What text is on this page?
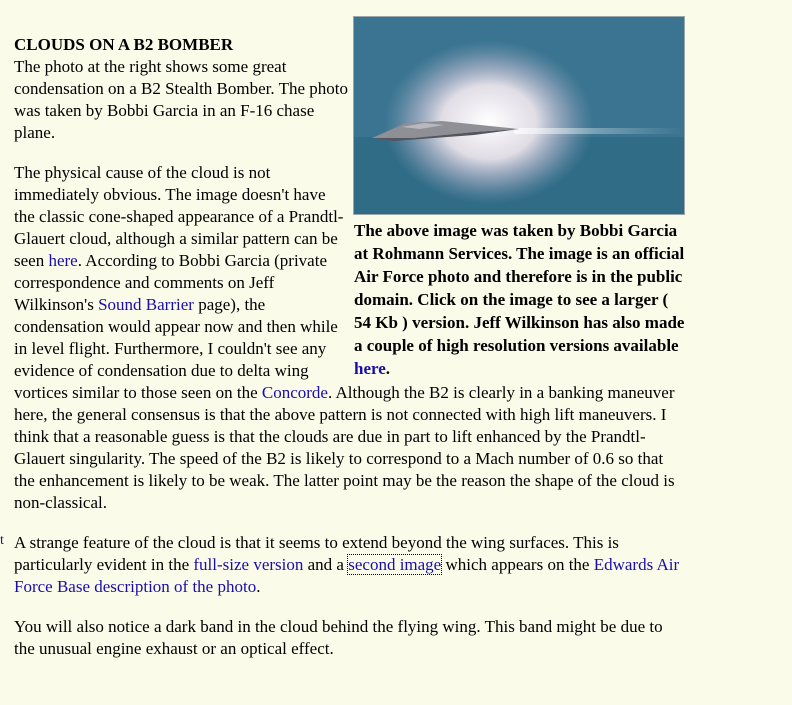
The above image was taken by Bobbi Garcia at Rohmann Services. The image is an official Air Force photo and therefore is in the public domain. Click on the image to see a larger ( 54 Kb ) version. Jeff Wilkinson has also made a couple of high resolution versions available here.
CLOUDS ON A B2 BOMBER

The photo at the right shows some great condensation on a B2 Stealth Bomber. The photo was taken by Bobbi Garcia in an F-16 chase plane.

The physical cause of the cloud is not immediately obvious. The image doesn't have the classic cone-shaped appearance of a Prandtl-Glauert cloud, although a similar pattern can be seen here. According to Bobbi Garcia (private correspondence and comments on Jeff Wilkinson's Sound Barrier page), the condensation would appear now and then while in level flight. Furthermore, I couldn't see any evidence of condensation due to delta wing vortices similar to those seen on the Concorde. Although the B2 is clearly in a banking maneuver here, the general consensus is that the above pattern is not connected with high lift maneuvers. I think that a reasonable guess is that the clouds are due in part to lift enhanced by the Prandtl-Glauert singularity. The speed of the B2 is likely to correspond to a Mach number of 0.6 so that the enhancement is likely to be weak. The latter point may be the reason the shape of the cloud is non-classical.

A strange feature of the cloud is that it seems to extend beyond the wing surfaces. This is particularly evident in the full-size version and a second image which appears on the Edwards Air Force Base description of the photo.

You will also notice a dark band in the cloud behind the flying wing. This band might be due to the unusual engine exhaust or an optical effect.

t
